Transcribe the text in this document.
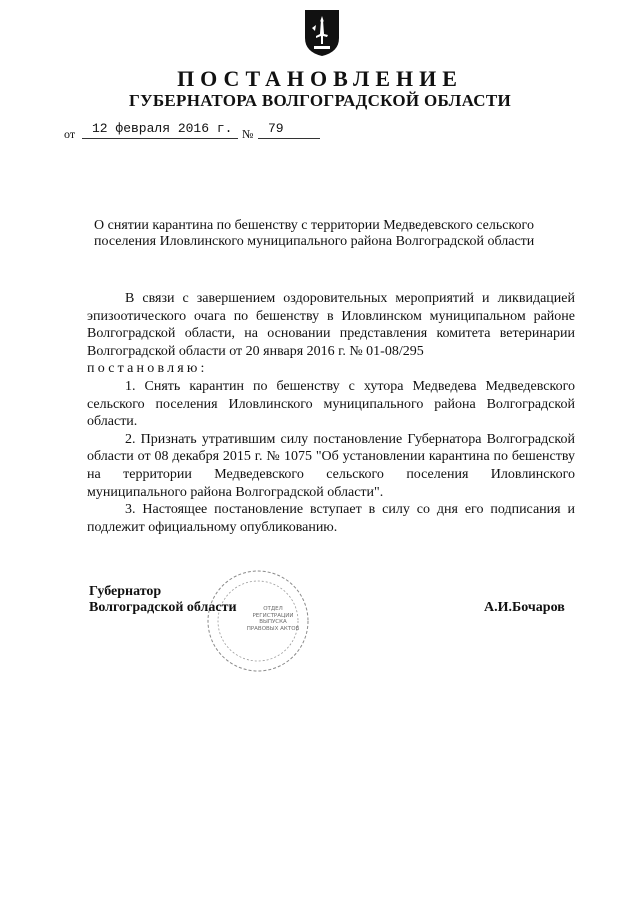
ПОСТАНОВЛЕНИЕ
ГУБЕРНАТОРА ВОЛГОГРАДСКОЙ ОБЛАСТИ
от 12 февраля 2016 г. № 79
О снятии карантина по бешенству с территории Медведевского сельского
поселения Иловлинского муниципального района Волгоградской области

В связи с завершением оздоровительных мероприятий и ликвидацией эпизоотического очага по бешенству в Иловлинском муниципальном районе Волгоградской области, на основании представления комитета ветеринарии Волгоградской области от 20 января 2016 г. № 01-08/295

постановляю:

1. Снять карантин по бешенству с хутора Медведева Медведевского сельского поселения Иловлинского муниципального района Волгоградской области.

2. Признать утратившим силу постановление Губернатора Волгоградской области от 08 декабря 2015 г. № 1075 "Об установлении карантина по бешенству на территории Медведевского сельского поселения Иловлинского муниципального района Волгоградской области".

3. Настоящее постановление вступает в силу со дня его подписания и подлежит официальному опубликованию.

ОТДЕЛ
РЕГИСТРАЦИИ ВЫПУСКА
ПРАВОВЫХ АКТОВ
Губернатор
Волгоградской области	А.И.Бочаров
